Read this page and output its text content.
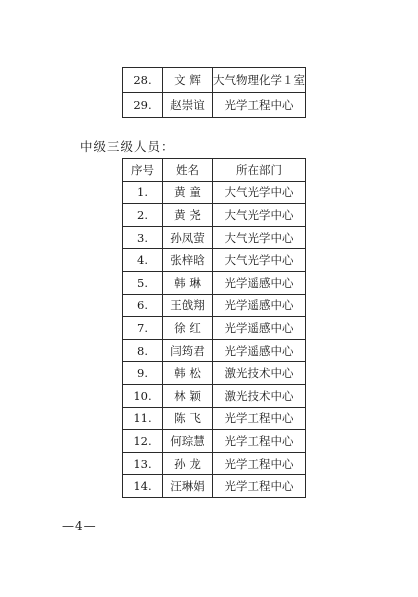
28.	文 辉	大气物理化学１室
29.	赵崇谊	光学工程中心
中级三级人员：
序号	姓名	所在部门
1.	黄 童	大气光学中心
2.	黄 尧	大气光学中心
3.	孙凤萤	大气光学中心
4.	张梓晗	大气光学中心
5.	韩 琳	光学遥感中心
6.	王戗翔	光学遥感中心
7.	徐 红	光学遥感中心
8.	闫筠君	光学遥感中心
9.	韩 松	激光技术中心
10.	林 颖	激光技术中心
11.	陈 飞	光学工程中心
12.	何琮慧	光学工程中心
13.	孙 龙	光学工程中心
14.	汪琳娟	光学工程中心
—4—
